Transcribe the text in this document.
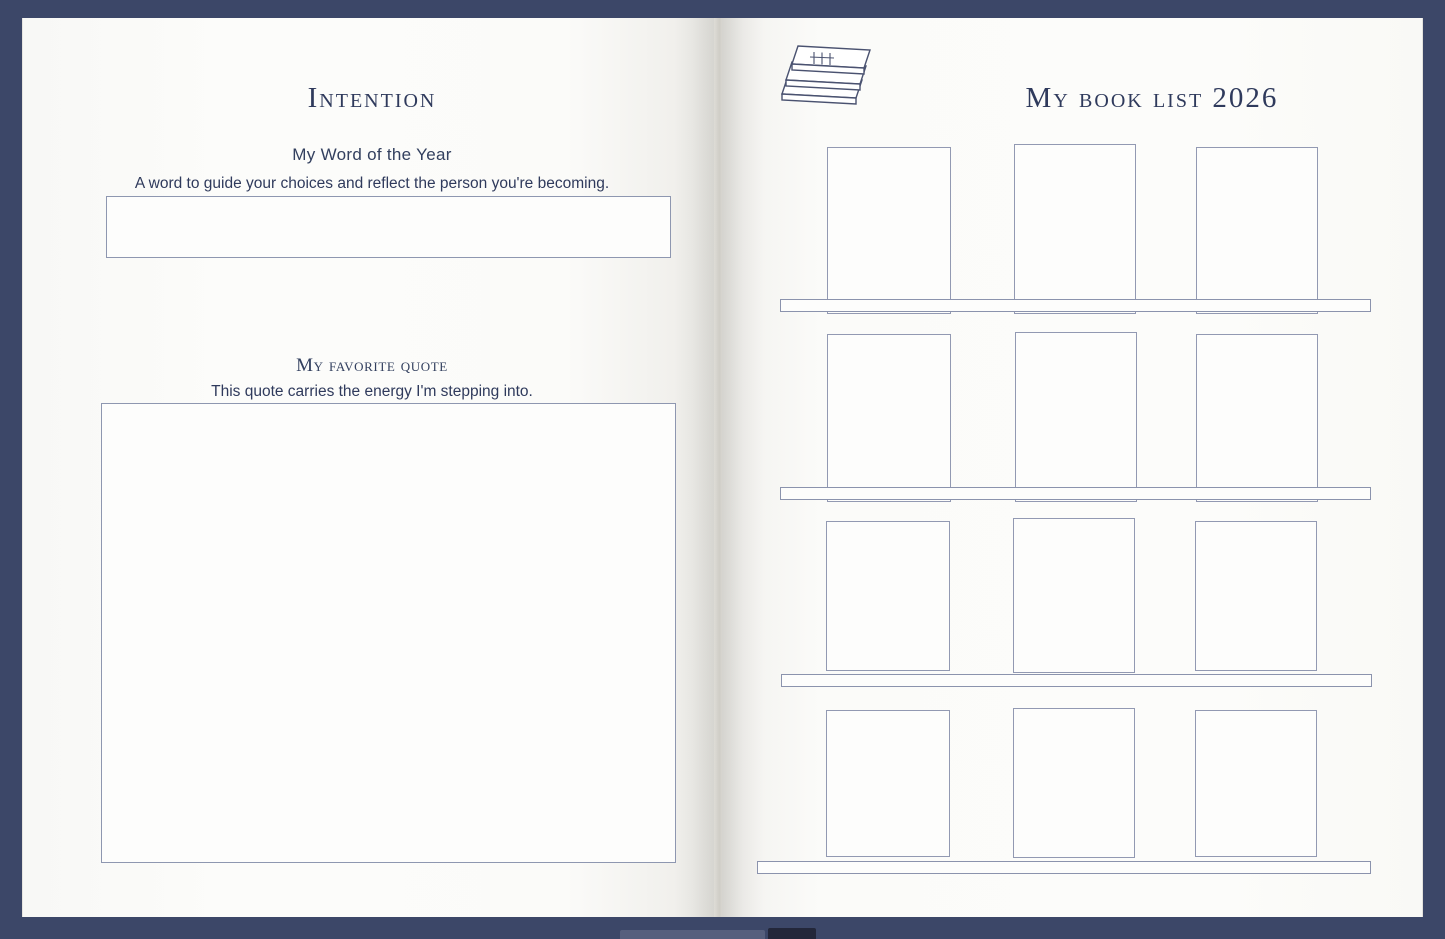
Intention
My Word of the Year
A word to guide your choices and reflect the person you're becoming.
My favorite quote
This quote carries the energy I'm stepping into.
My book list 2026
